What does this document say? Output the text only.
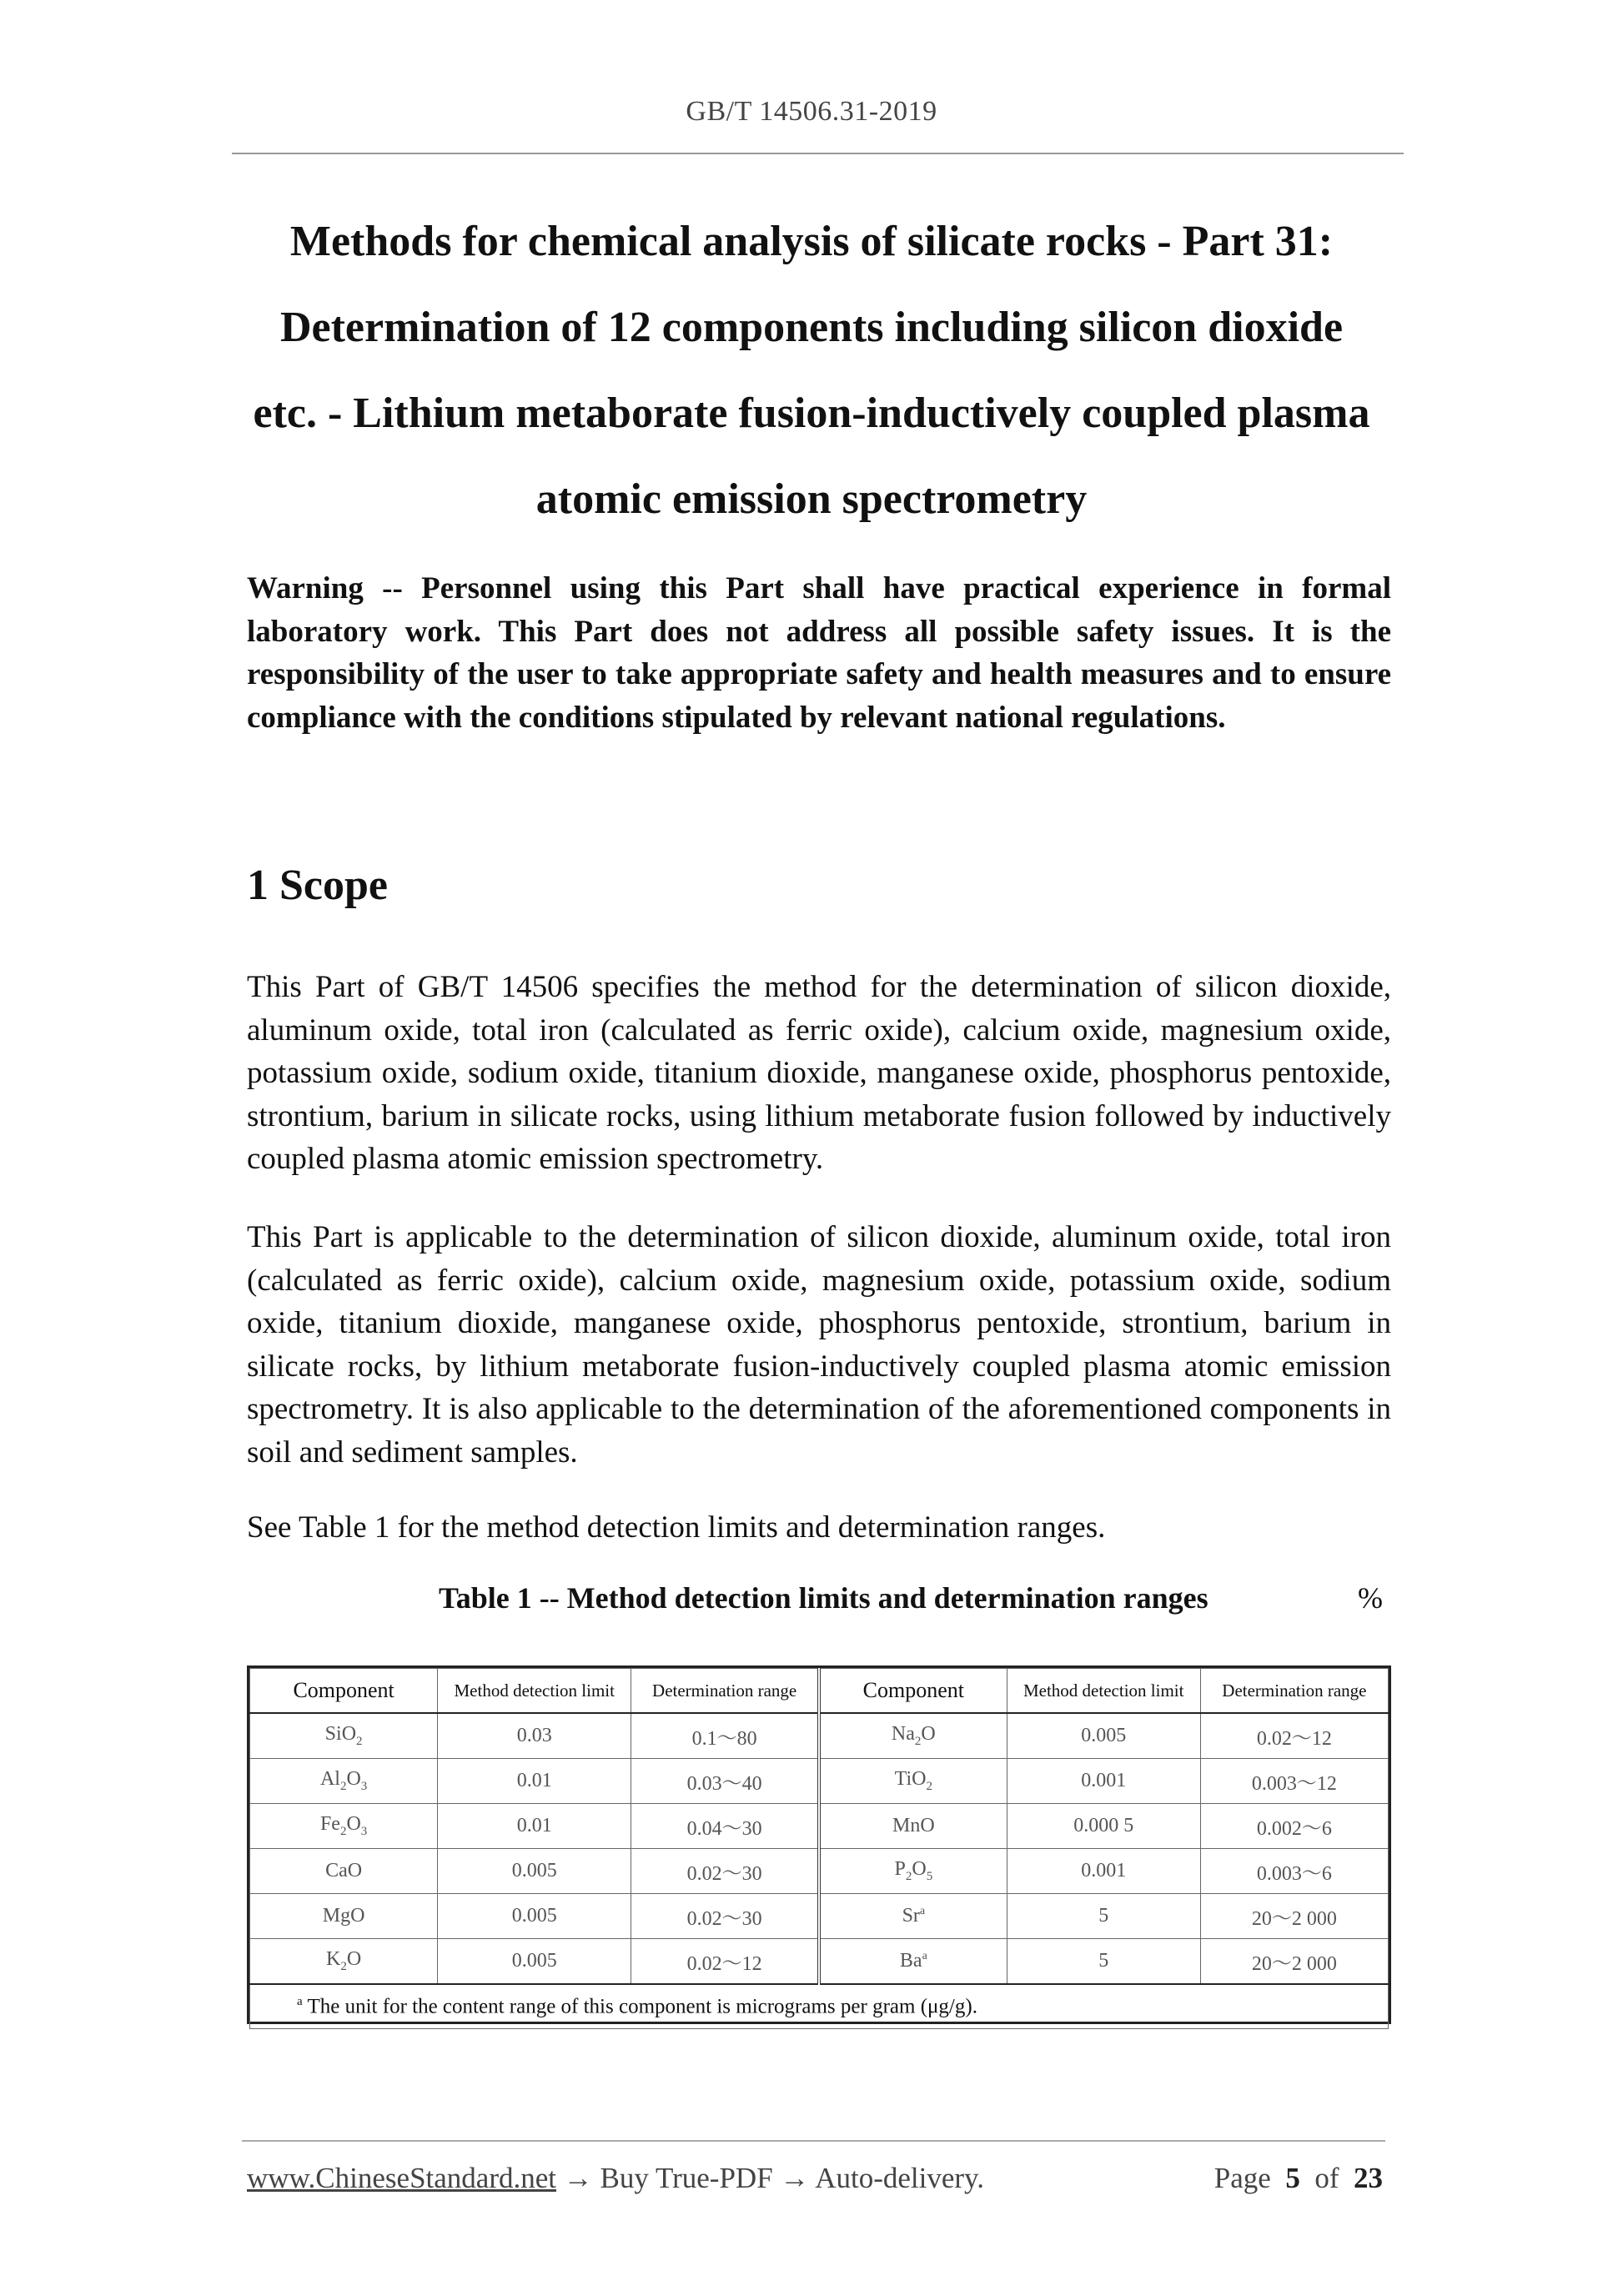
GB/T 14506.31-2019
Methods for chemical analysis of silicate rocks - Part 31:
Determination of 12 components including silicon dioxide
etc. - Lithium metaborate fusion-inductively coupled plasma
atomic emission spectrometry
Warning -- Personnel using this Part shall have practical experience in formal laboratory work. This Part does not address all possible safety issues. It is the responsibility of the user to take appropriate safety and health measures and to ensure compliance with the conditions stipulated by relevant national regulations.
1 Scope

This Part of GB/T 14506 specifies the method for the determination of silicon dioxide, aluminum oxide, total iron (calculated as ferric oxide), calcium oxide, magnesium oxide, potassium oxide, sodium oxide, titanium dioxide, manganese oxide, phosphorus pentoxide, strontium, barium in silicate rocks, using lithium metaborate fusion followed by inductively coupled plasma atomic emission spectrometry.

This Part is applicable to the determination of silicon dioxide, aluminum oxide, total iron (calculated as ferric oxide), calcium oxide, magnesium oxide, potassium oxide, sodium oxide, titanium dioxide, manganese oxide, phosphorus pentoxide, strontium, barium in silicate rocks, by lithium metaborate fusion-inductively coupled plasma atomic emission spectrometry. It is also applicable to the determination of the aforementioned components in soil and sediment samples.

See Table 1 for the method detection limits and determination ranges.

Table 1 -- Method detection limits and determination ranges	%
Component	Method detection limit	Determination range	Component	Method detection limit	Determination range
SiO$_2$	0.03	0.1～80	$Na_2O$	0.005	0.02～12
$Al_2O_3$	0.01	0.03～40	TiO$_2$	0.001	0.003～12
$Fe_2O_3$	0.01	0.04～30	MnO	0.000 5	0.002～6
CaO	0.005	0.02～30	$P_2O_5$	0.001	0.003～6
MgO	0.005	0.02～30	Sr$^a$	5	20～2 000
$K_2O$	0.005	0.02～12	Ba$^a$	5	20～2 000
$^a$ The unit for the content range of this component is micrograms per gram (μg/g).					
www.ChineseStandard.net → Buy True-PDF → Auto-delivery.	Page 5 of 23
